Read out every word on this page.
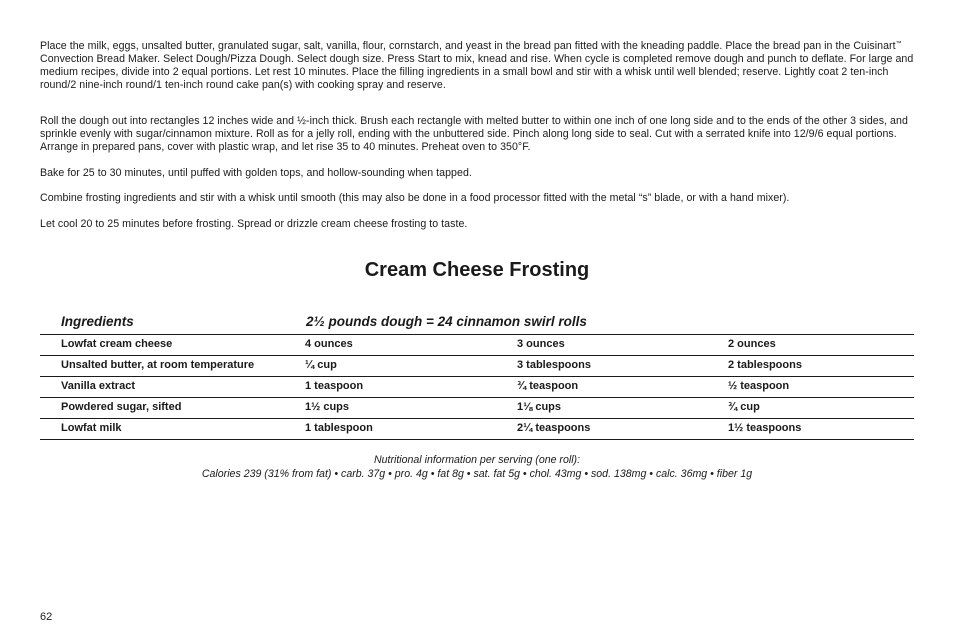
Place the milk, eggs, unsalted butter, granulated sugar, salt, vanilla, flour, cornstarch, and yeast in the bread pan fitted with the kneading paddle. Place the bread pan in the Cuisinart™ Convection Bread Maker. Select Dough/Pizza Dough. Select dough size. Press Start to mix, knead and rise. When cycle is completed remove dough and punch to deflate. For large and medium recipes, divide into 2 equal portions. Let rest 10 minutes. Place the filling ingredients in a small bowl and stir with a whisk until well blended; reserve. Lightly coat 2 ten-inch round/2 nine-inch round/1 ten-inch round cake pan(s) with cooking spray and reserve.

Roll the dough out into rectangles 12 inches wide and ½-inch thick. Brush each rectangle with melted butter to within one inch of one long side and to the ends of the other 3 sides, and sprinkle evenly with sugar/cinnamon mixture. Roll as for a jelly roll, ending with the unbuttered side. Pinch along long side to seal. Cut with a serrated knife into 12/9/6 equal portions. Arrange in prepared pans, cover with plastic wrap, and let rise 35 to 40 minutes. Preheat oven to 350°F.

Bake for 25 to 30 minutes, until puffed with golden tops, and hollow-sounding when tapped.

Combine frosting ingredients and stir with a whisk until smooth (this may also be done in a food processor fitted with the metal “s” blade, or with a hand mixer).

Let cool 20 to 25 minutes before frosting. Spread or drizzle cream cheese frosting to taste.

Cream Cheese Frosting
Ingredients	2½ pounds dough = 24 cinnamon swirl rolls
Lowfat cream cheese	4 ounces	3 ounces	2 ounces
Unsalted butter, at room temperature	¼ cup	3 tablespoons	2 tablespoons
Vanilla extract	1 teaspoon	¾ teaspoon	½ teaspoon
Powdered sugar, sifted	1½ cups	1⅛ cups	¾ cup
Lowfat milk	1 tablespoon	2¼ teaspoons	1½ teaspoons

Nutritional information per serving (one roll):

Calories 239 (31% from fat) • carb. 37g • pro. 4g • fat 8g • sat. fat 5g • chol. 43mg • sod. 138mg • calc. 36mg • fiber 1g

62
